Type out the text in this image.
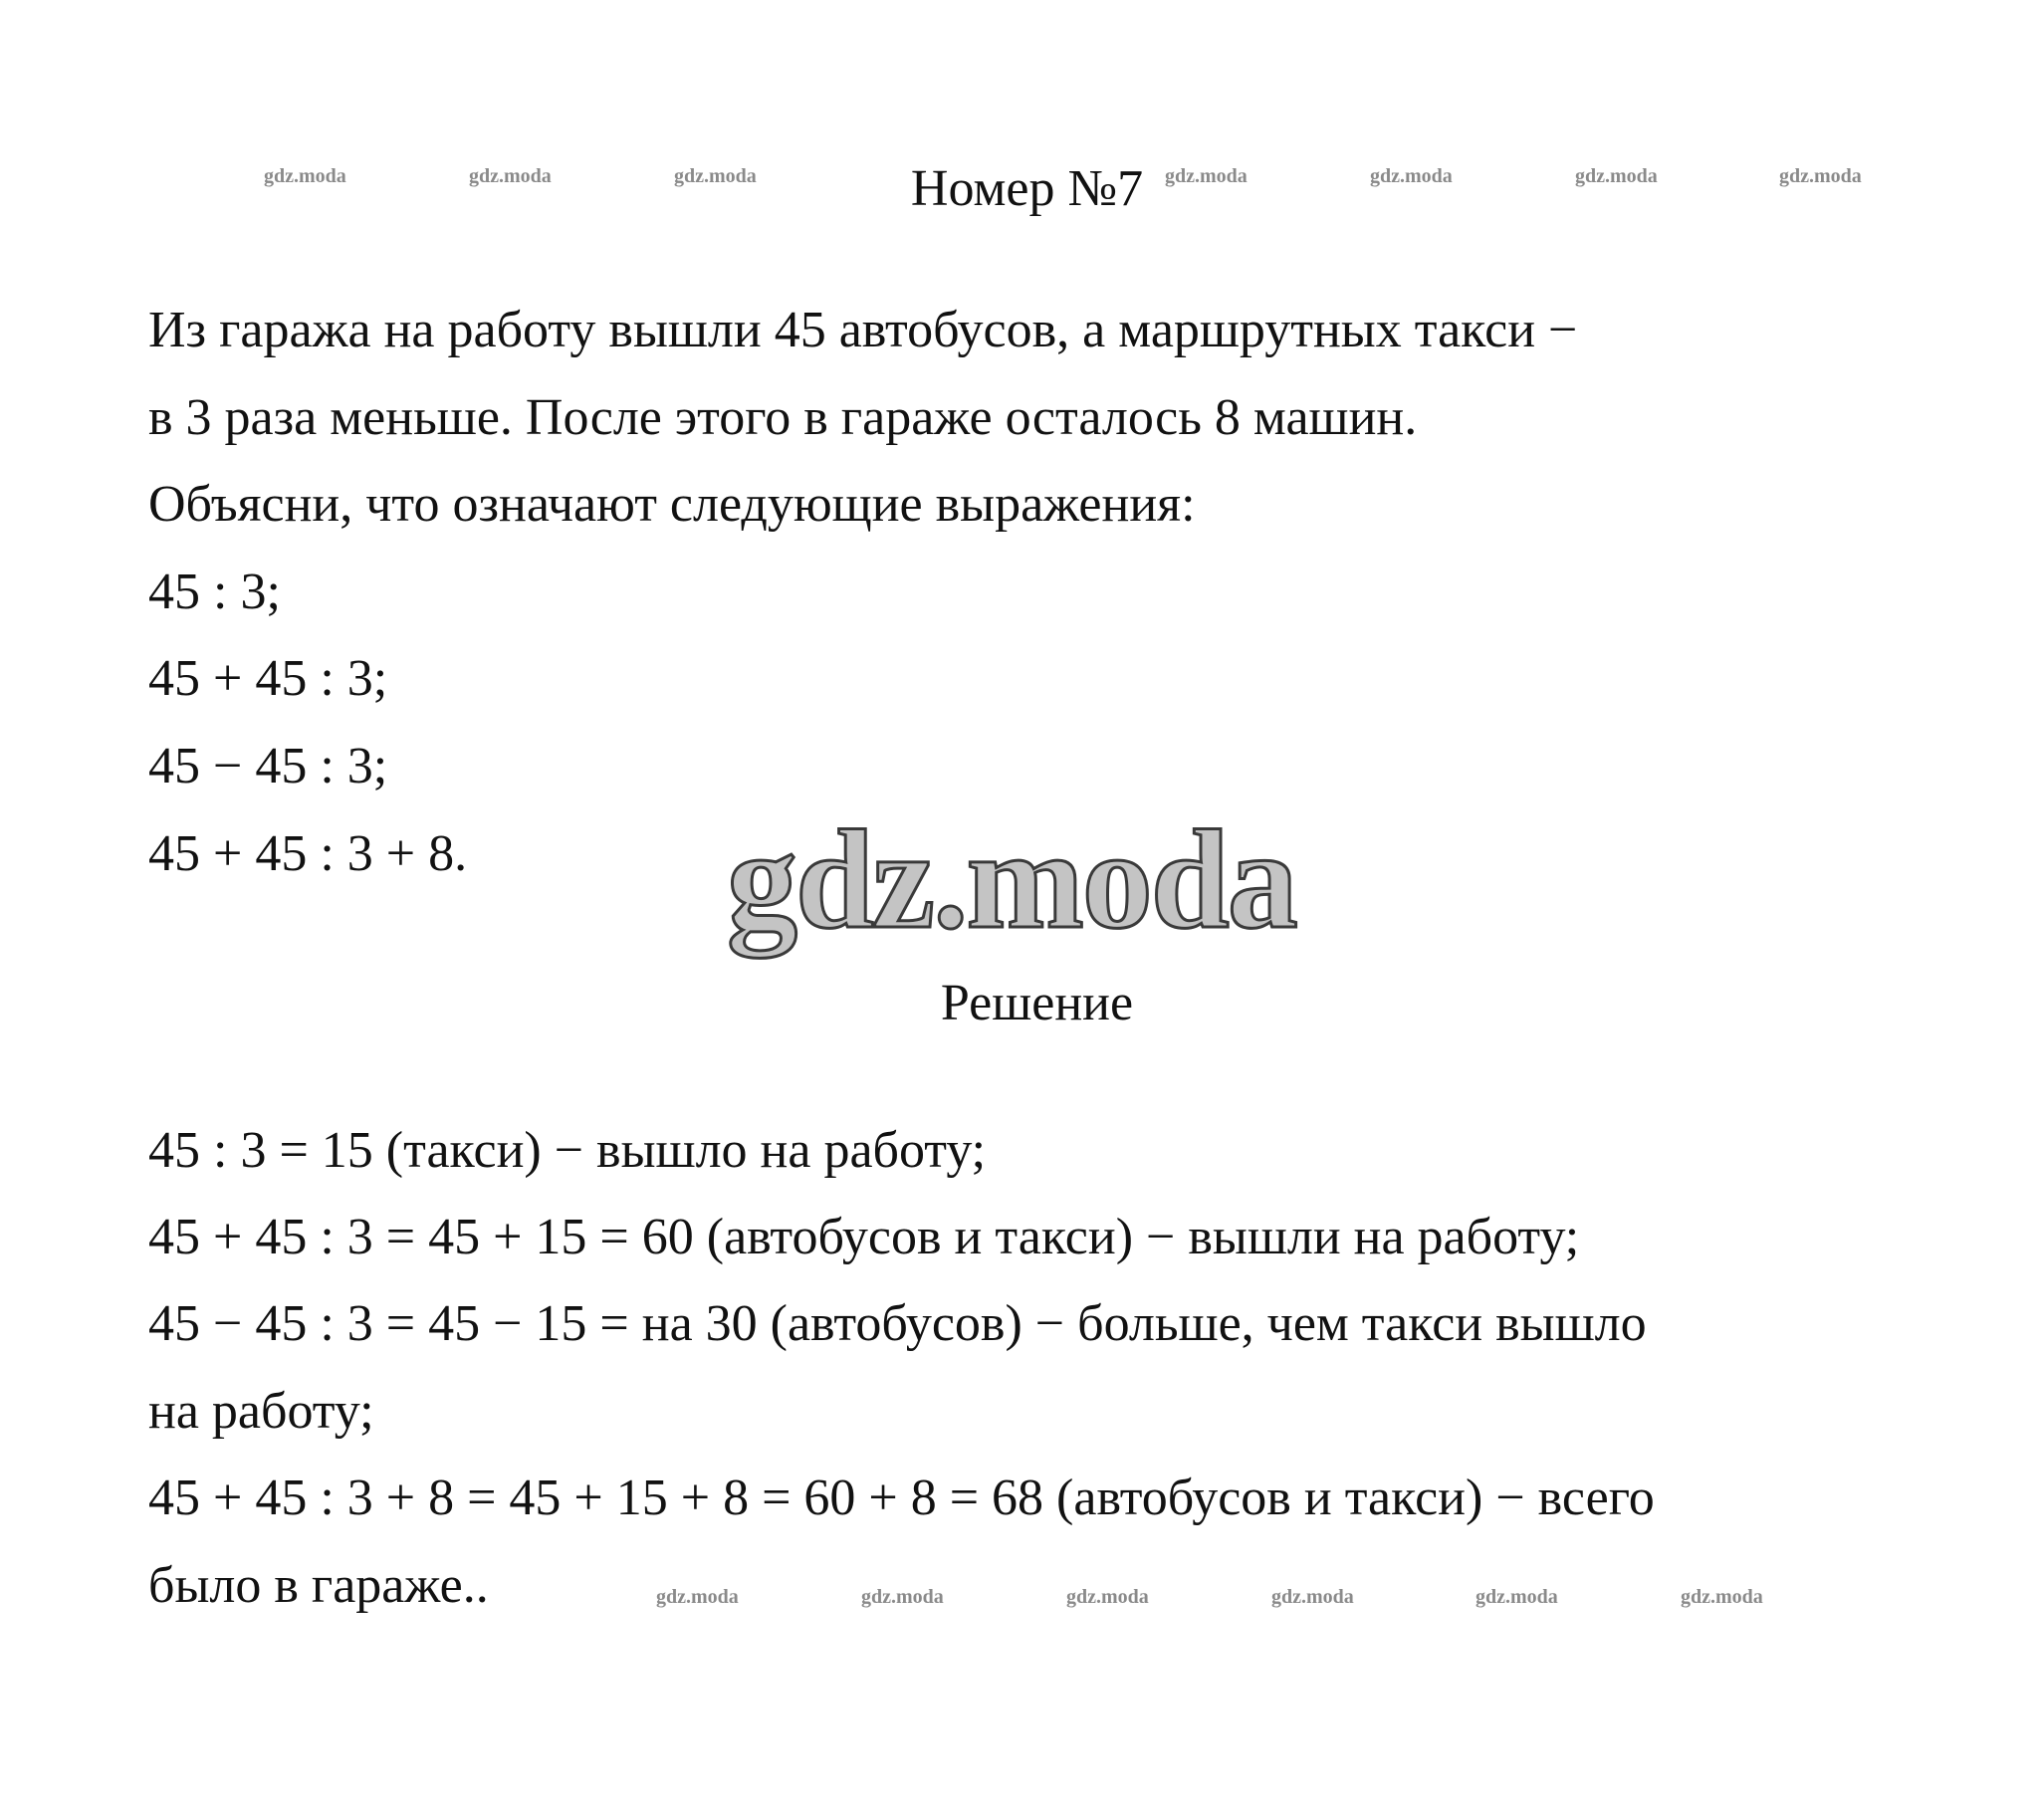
gdz.moda	gdz.moda	gdz.moda	gdz.moda	gdz.moda	gdz.moda	gdz.moda
Номер №7
Из гаража на работу вышли 45 автобусов, а маршрутных такси −
в 3 раза меньше. После этого в гараже осталось 8 машин.
Объясни, что означают следующие выражения:
45 : 3;
45 + 45 : 3;
45 − 45 : 3;
45 + 45 : 3 + 8. gdz.moda
Решение
45 : 3 = 15 (такси) − вышло на работу;
45 + 45 : 3 = 45 + 15 = 60 (автобусов и такси) − вышли на работу;
45 − 45 : 3 = 45 − 15 = на 30 (автобусов) − больше, чем такси вышло
на работу;
45 + 45 : 3 + 8 = 45 + 15 + 8 = 60 + 8 = 68 (автобусов и такси) − всего
было в гараже..	gdz.moda	gdz.moda	gdz.moda	gdz.moda	gdz.moda	gdz.moda
